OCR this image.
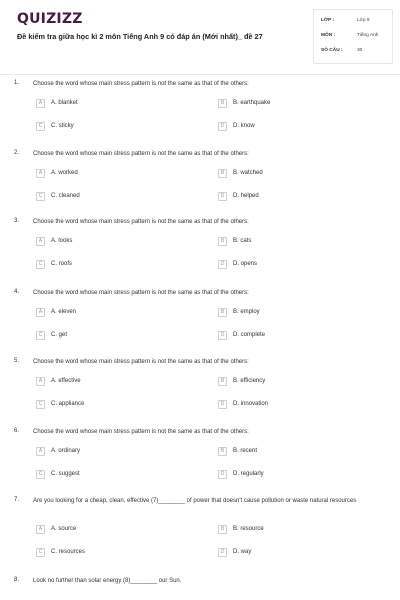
QUIZIZZ
Đề kiểm tra giữa học kì 2 môn Tiếng Anh 9 có đáp án (Mới nhất)_ đề 27
LỚP :	Lớp 9
MÔN :	Tiếng Anh
SỐ CÂU :	30
1. Choose the word whose main stress pattern is not the same as that of the others:
A	A. blanket	B	B. earthquake
C	C. sticky	D	D. know
2. Choose the word whose main stress pattern is not the same as that of the others:
A	A. worked	B	B. watched
C	C. cleaned	D	D. helped
3. Choose the word whose main stress pattern is not the same as that of the others:
A	A. looks	B	B. cats
C	C. roofs	D	D. opens
4. Choose the word whose main stress pattern is not the same as that of the others:
A	A. eleven	B	B. employ
C	C. get	D	D. complete
5. Choose the word whose main stress pattern is not the same as that of the others:
A	A. effective	B	B. efficiency
C	C. appliance	D	D. innovation
6. Choose the word whose main stress pattern is not the same as that of the others:
A	A. ordinary	B	B. recent
C	C. suggest	D	D. regularly
7. Are you looking for a cheap, clean, effective (7)________ of power that doesn't cause pollution or waste natural resources
A	A. source	B	B. resource
C	C. resources	D	D. way
8. Look no further than solar energy (8)________ our Sun.
